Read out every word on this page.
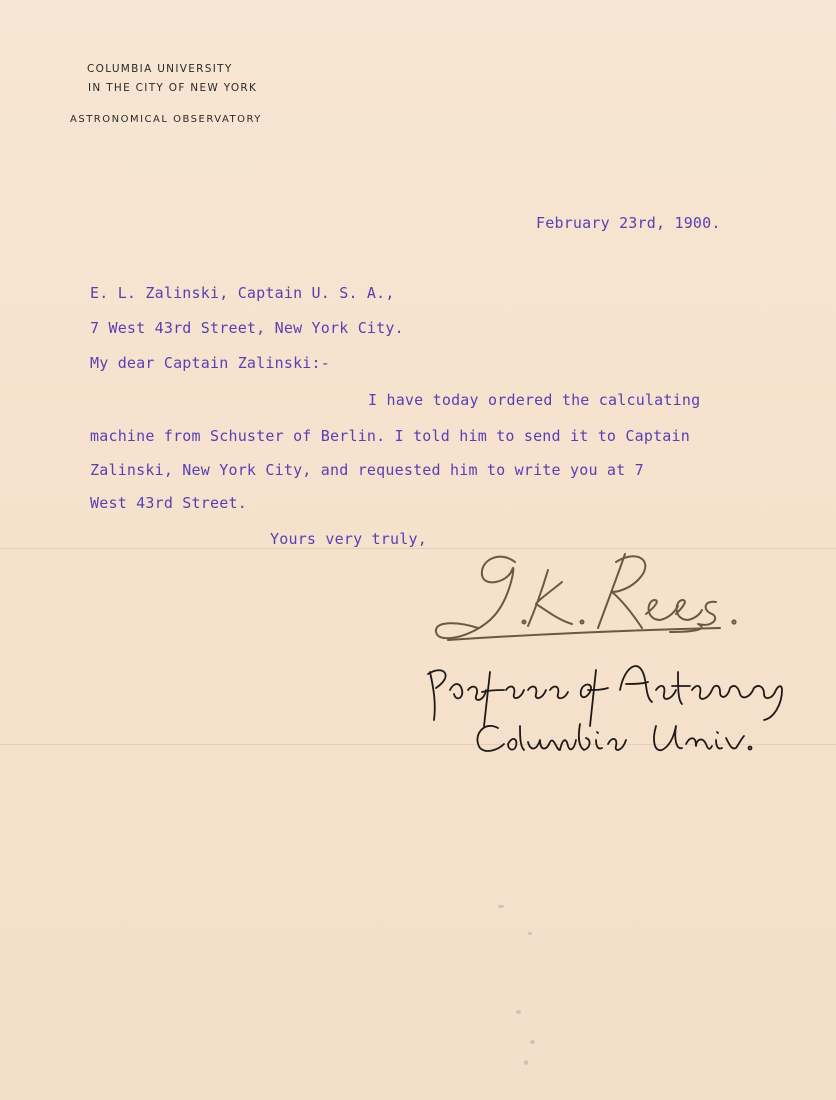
COLUMBIA UNIVERSITY
IN THE CITY OF NEW YORK
ASTRONOMICAL OBSERVATORY
February 23rd, 1900.
E. L. Zalinski, Captain U. S. A.,
7 West 43rd Street, New York City.
My dear Captain Zalinski:-
I have today ordered the calculating
machine from Schuster of Berlin. I told him to send it to Captain
Zalinski, New York City, and requested him to write you at 7
West 43rd Street.
Yours very truly,
